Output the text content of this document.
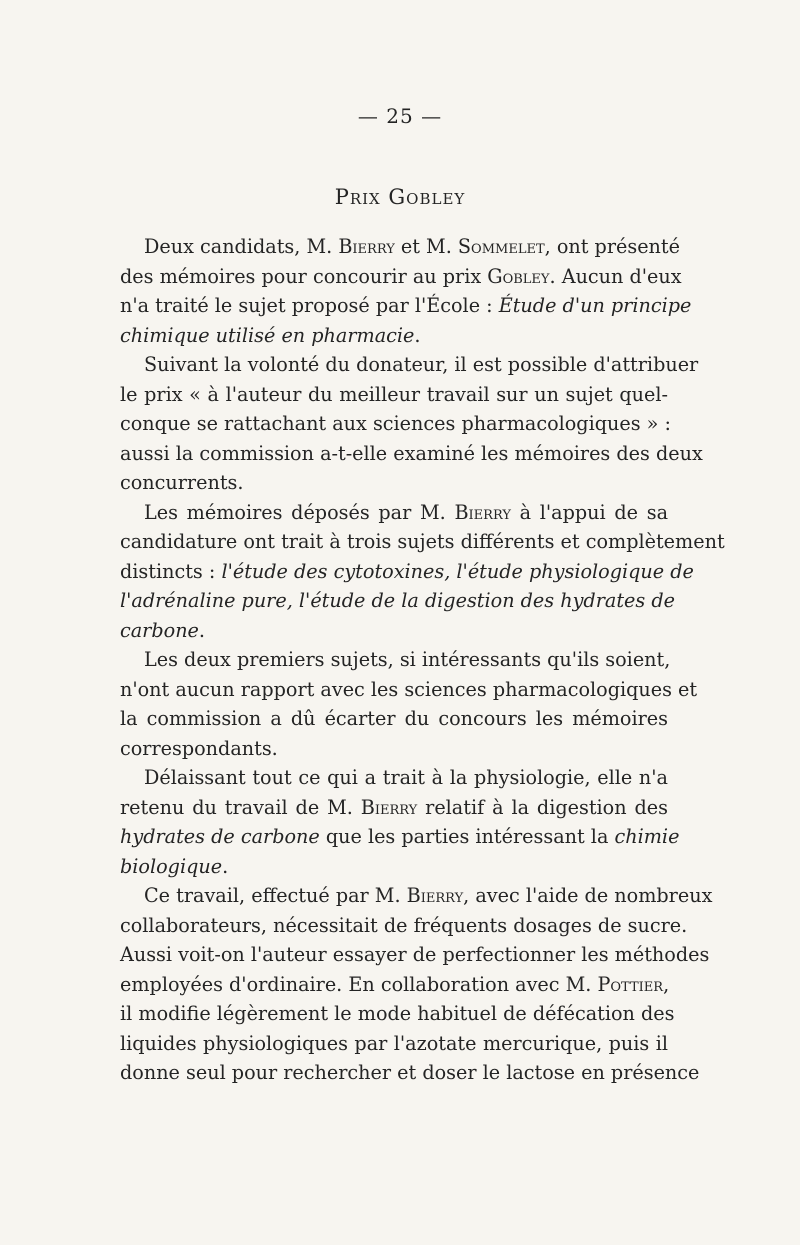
— 25 —
Prix Gobley
Deux candidats, M. Bierry et M. Sommelet, ont présenté
des mémoires pour concourir au prix Gobley. Aucun d'eux
n'a traité le sujet proposé par l'École : Étude d'un principe
chimique utilisé en pharmacie.
Suivant la volonté du donateur, il est possible d'attribuer
le prix « à l'auteur du meilleur travail sur un sujet quel-
conque se rattachant aux sciences pharmacologiques » :
aussi la commission a-t-elle examiné les mémoires des deux
concurrents.
Les mémoires déposés par M. Bierry à l'appui de sa
candidature ont trait à trois sujets différents et complètement
distincts : l'étude des cytotoxines, l'étude physiologique de
l'adrénaline pure, l'étude de la digestion des hydrates de
carbone.
Les deux premiers sujets, si intéressants qu'ils soient,
n'ont aucun rapport avec les sciences pharmacologiques et
la commission a dû écarter du concours les mémoires
correspondants.
Délaissant tout ce qui a trait à la physiologie, elle n'a
retenu du travail de M. Bierry relatif à la digestion des
hydrates de carbone que les parties intéressant la chimie
biologique.
Ce travail, effectué par M. Bierry, avec l'aide de nombreux
collaborateurs, nécessitait de fréquents dosages de sucre.
Aussi voit-on l'auteur essayer de perfectionner les méthodes
employées d'ordinaire. En collaboration avec M. Pottier,
il modifie légèrement le mode habituel de défécation des
liquides physiologiques par l'azotate mercurique, puis il
donne seul pour rechercher et doser le lactose en présence
